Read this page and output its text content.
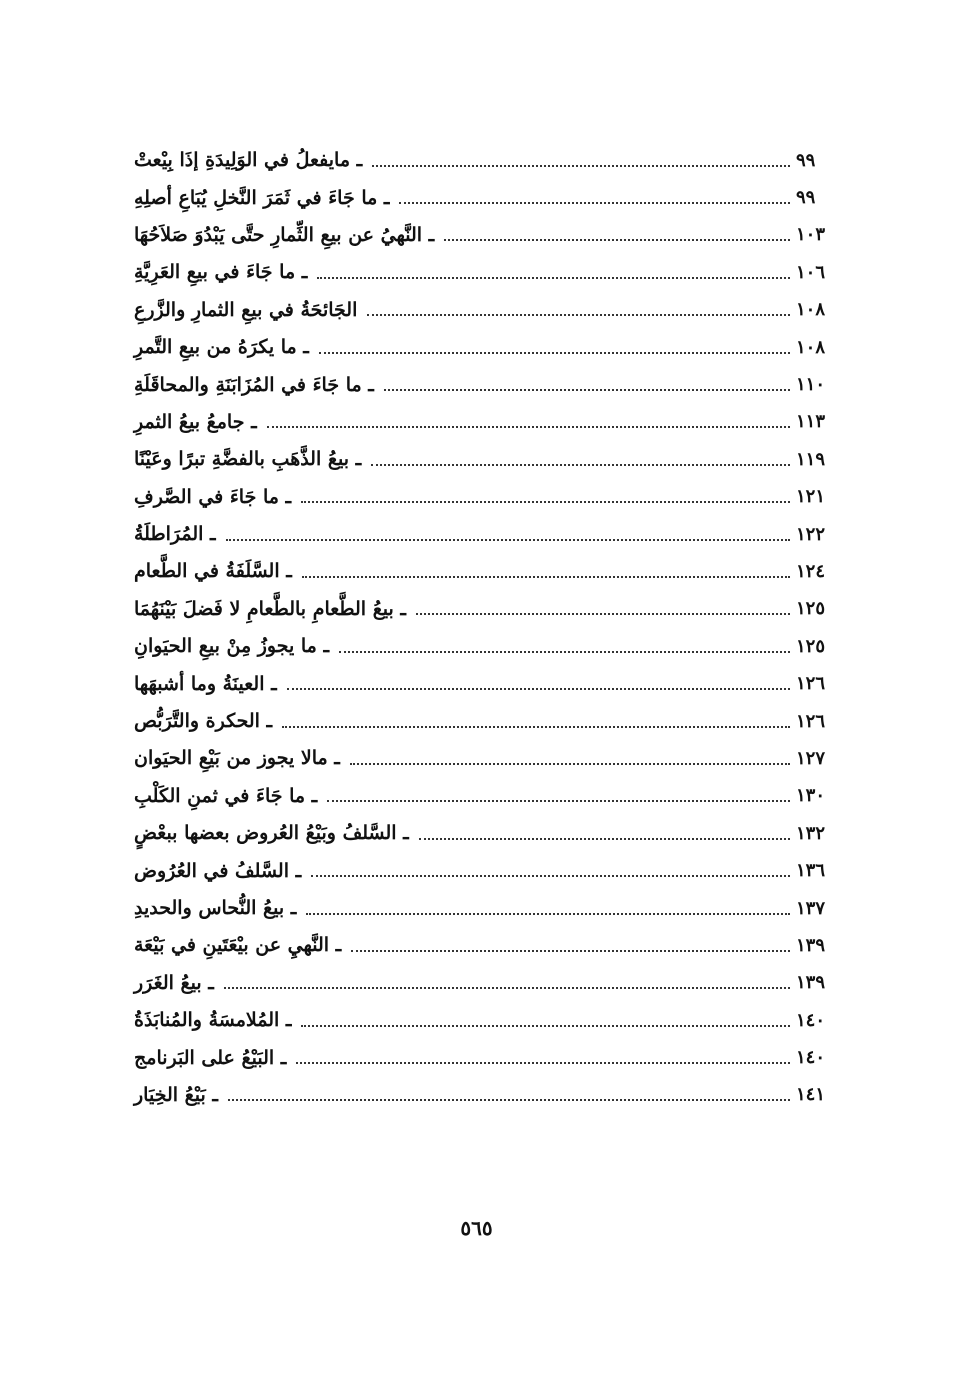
ـ مايفعلُ في الوَلِيدَةِ إذَا بِيْعتْ	٩٩
ـ ما جَاءَ في ثَمَرَ النَّخلِ يُبَاعِ أصلِهِ	٩٩
ـ النَّهيُ عن بيعِ الثِّمارِ حتَّى يَبْدُوَ صَلاَحُهَا	١٠٣
ـ ما جَاءَ في بيعِ العَرِيَّةِ	١٠٦
الجَائحَةُ في بيعِ الثمارِ والزَّرعِ	١٠٨
ـ ما يكرَهُ من بيعِ التَّمرِ	١٠٨
ـ ما جَاءَ في المُزَابَنَةِ والمحاقَلَةِ	١١٠
ـ جامعُ بيعُ الثمرِ	١١٣
ـ بيعُ الذَّهَبِ بالفضَّةِ تبرًا وعَيْنًا	١١٩
ـ ما جَاءَ في الصَّرفِ	١٢١
ـ المُرَاطلَةُ	١٢٢
ـ السَّلَفَةُ في الطَّعام	١٢٤
ـ بيعُ الطَّعامِ بالطَّعامِ لا فَضلَ بَيْنَهُمَا	١٢٥
ـ ما يجوزُ مِنْ بيعِ الحيَوانِ	١٢٥
ـ العينَةُ وما أشبهَها	١٢٦
ـ الحكرة والتَّرَبُّص	١٢٦
ـ مالا يجوز من بَيْعِ الحيَوان	١٢٧
ـ ما جَاءَ في ثمنِ الكَلْبِ	١٣٠
ـ السَّلفُ وبَيْعُ العُروض بعضها ببعْضٍ	١٣٢
ـ السَّلفُ في العُرُوض	١٣٦
ـ بيعُ النُّحاس والحديدِ	١٣٧
ـ النَّهيِ عن بيْعَتَينِ في بَيْعَة	١٣٩
ـ بيعُ الغَرَر	١٣٩
ـ المُلامسَةُ والمُنابَذَةُ	١٤٠
ـ البَيْعُ على البَرنامج	١٤٠
ـ بَيْعُ الخِيَار	١٤١
٥٦٥
